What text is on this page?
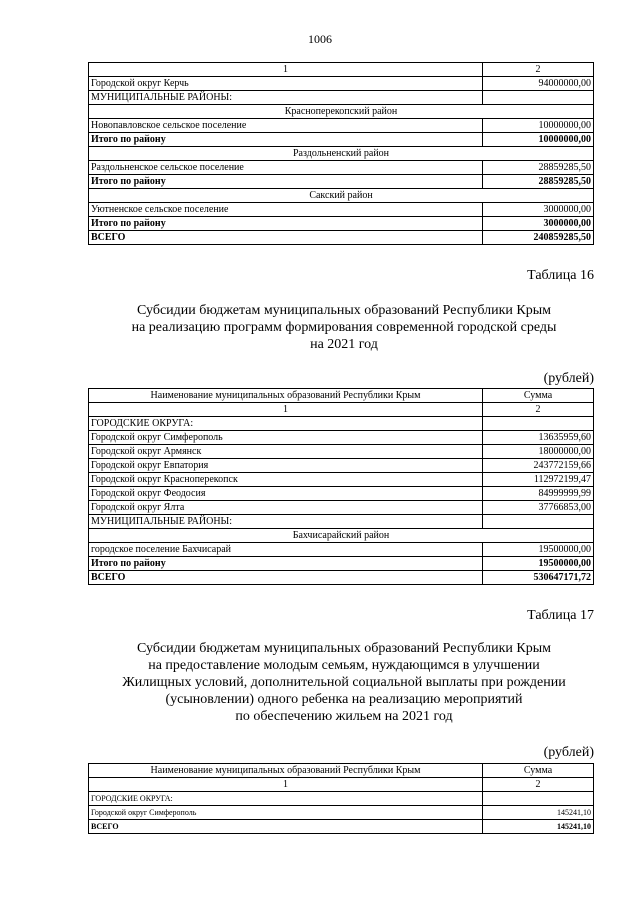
1006
1	2
Городской округ Керчь	94000000,00
МУНИЦИПАЛЬНЫЕ РАЙОНЫ:	
Красноперекопский район	
Новопавловское сельское поселение	10000000,00
Итого по району	10000000,00
Раздольненский район	
Раздольненское сельское поселение	28859285,50
Итого по району	28859285,50
Сакский район	
Уютненское сельское поселение	3000000,00
Итого по району	3000000,00
ВСЕГО	240859285,50
Таблица 16
Субсидии бюджетам муниципальных образований Республики Крым
на реализацию программ формирования современной городской среды
на 2021 год
(рублей)
Наименование муниципальных образований Республики Крым	Сумма
1	2
ГОРОДСКИЕ ОКРУГА:	
Городской округ Симферополь	13635959,60
Городской округ Армянск	18000000,00
Городской округ Евпатория	243772159,66
Городской округ Красноперекопск	112972199,47
Городской округ Феодосия	84999999,99
Городской округ Ялта	37766853,00
МУНИЦИПАЛЬНЫЕ РАЙОНЫ:	
Бахчисарайский район	
городское поселение Бахчисарай	19500000,00
Итого по району	19500000,00
ВСЕГО	530647171,72
Таблица 17
Субсидии бюджетам муниципальных образований Республики Крым
на предоставление молодым семьям, нуждающимся в улучшении
Жилищных условий, дополнительной социальной выплаты при рождении
(усыновлении) одного ребенка на реализацию мероприятий
по обеспечению жильем на 2021 год
(рублей)
Наименование муниципальных образований Республики Крым	Сумма
1	2
ГОРОДСКИЕ ОКРУГА:	
Городской округ Симферополь	145241,10
ВСЕГО	145241,10
